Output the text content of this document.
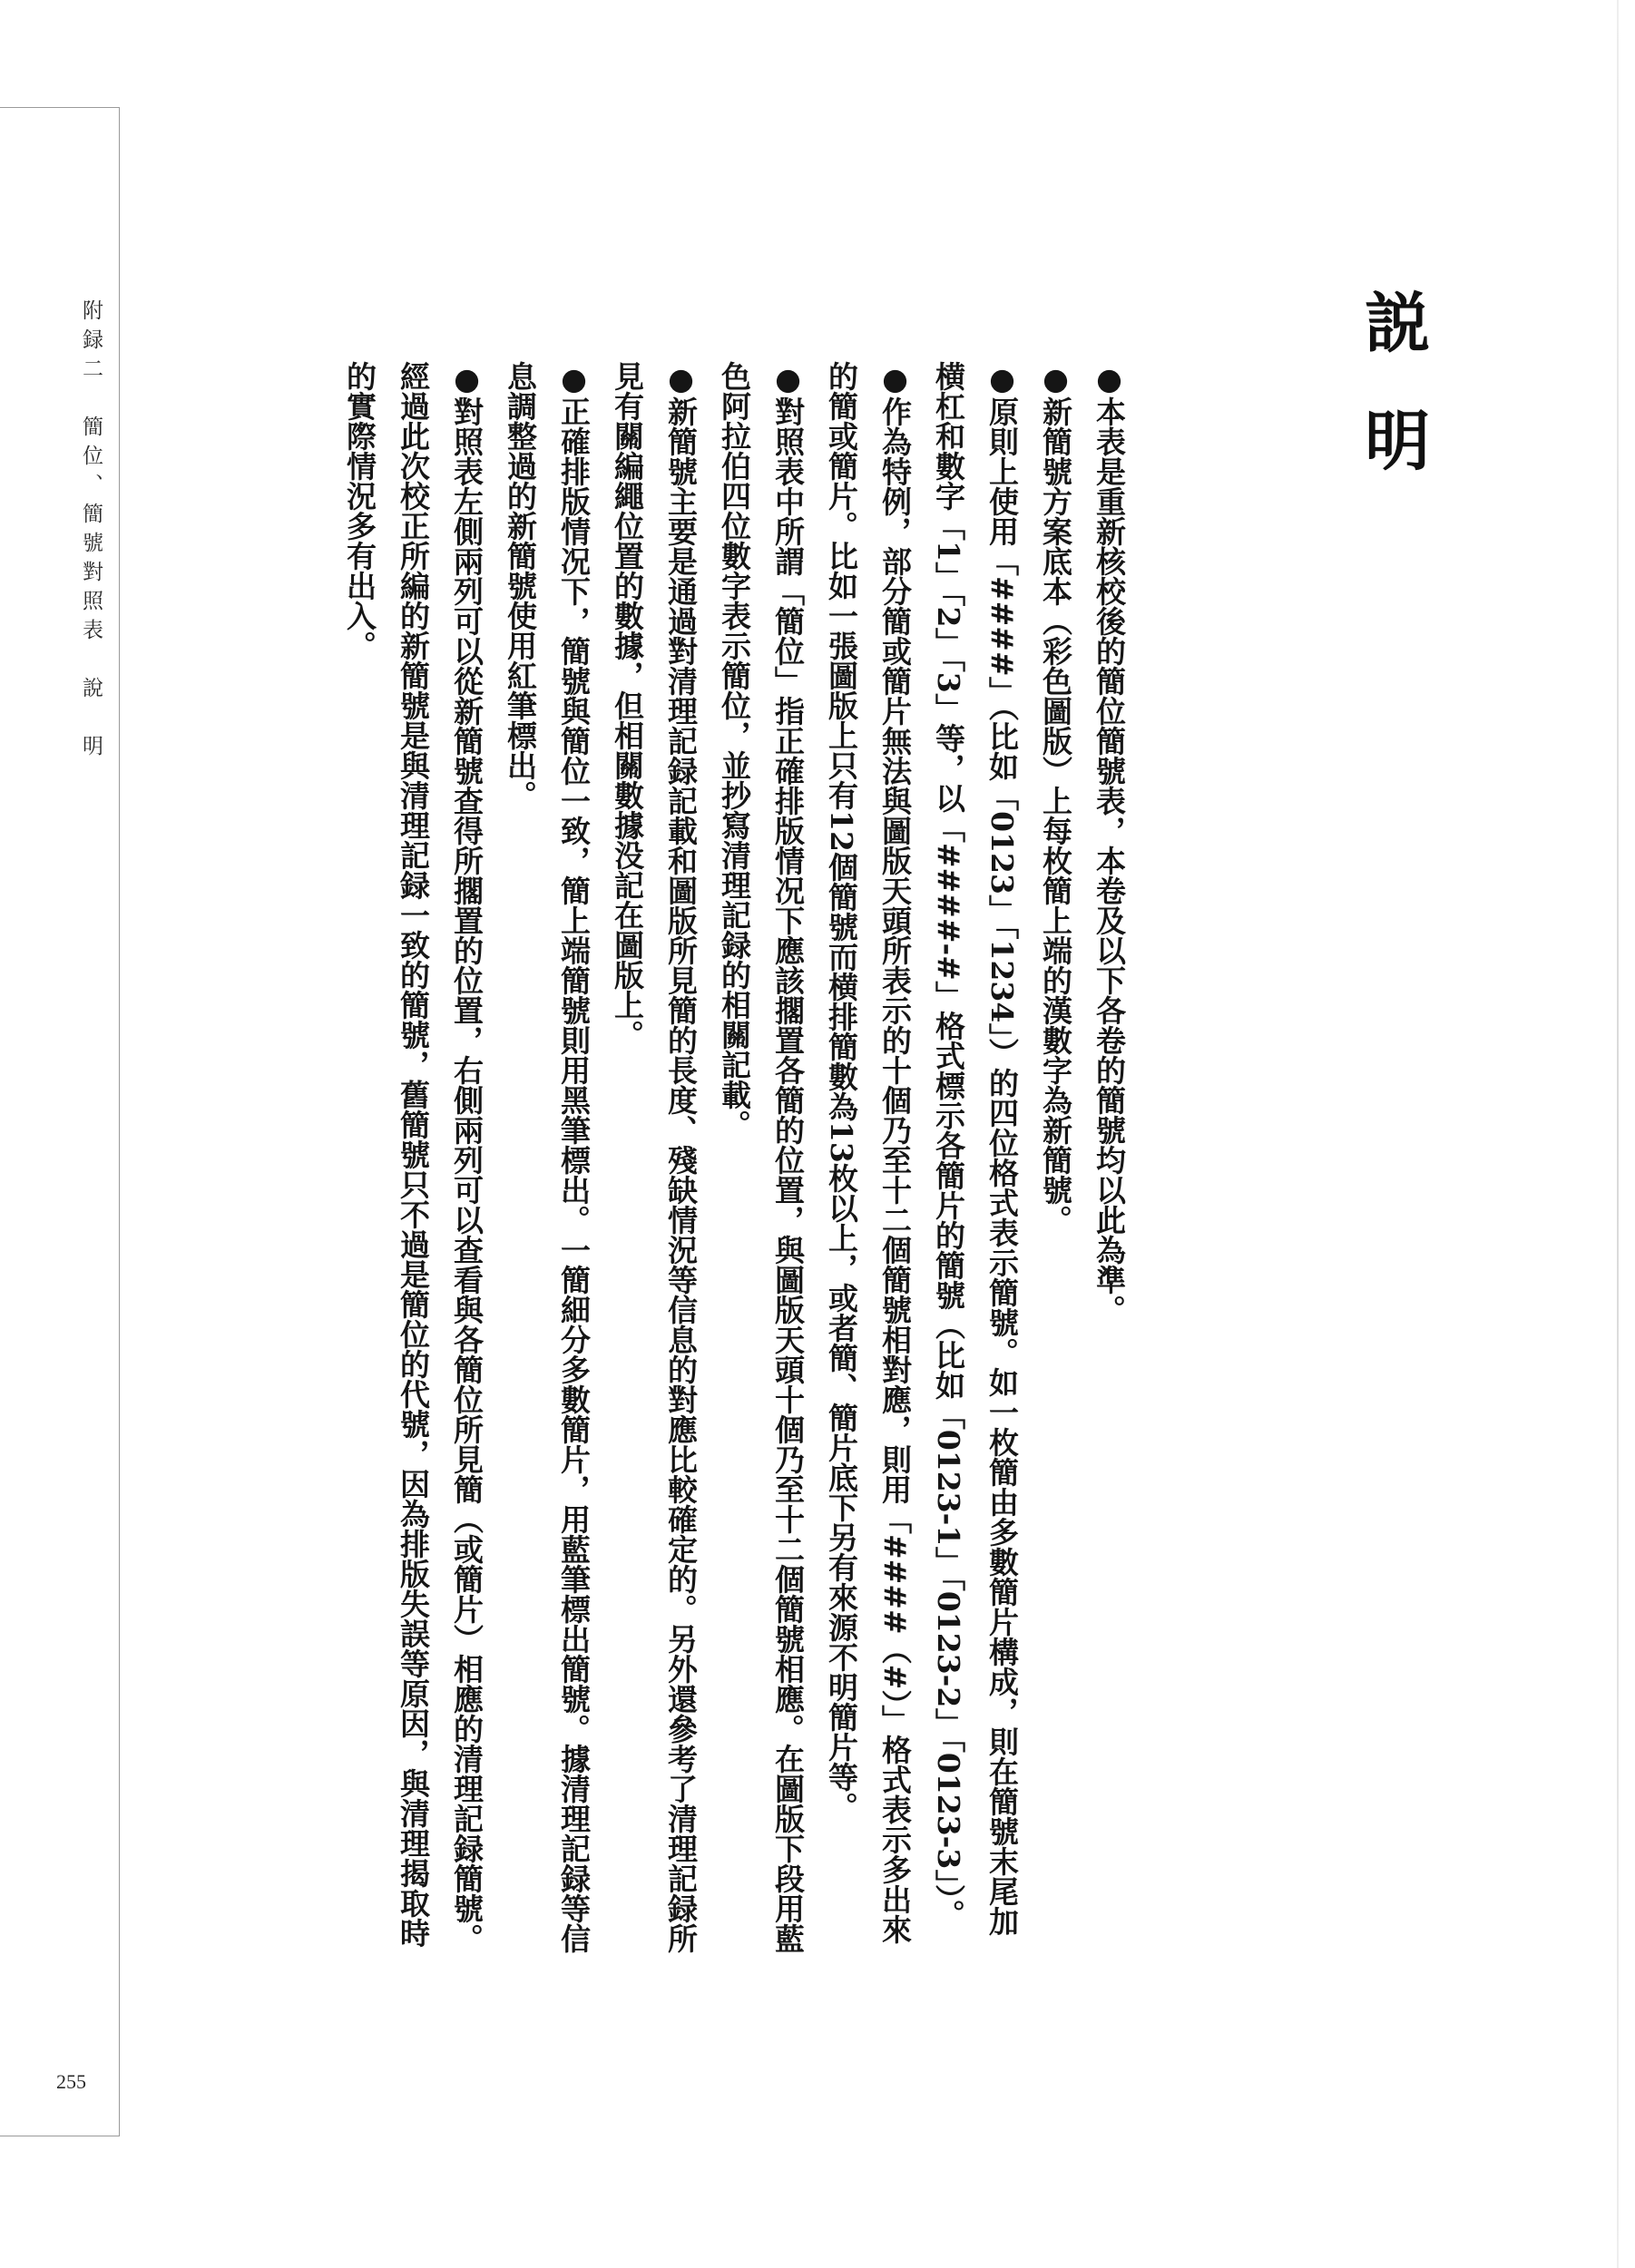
附録二　簡位、簡號對照表　說　明
255
説明

●本表是重新核校後的簡位簡號表，本卷及以下各卷的簡號均以此為準。

●新簡號方案底本（彩色圖版）上每枚簡上端的漢數字為新簡號。

●原則上使用「####」（比如「0123」「1234」）的四位格式表示簡號。如一枚簡由多數簡片構成，則在簡號末尾加横杠和數字「1」「2」「3」等，以「####-#」格式標示各簡片的簡號（比如「0123-1」「0123-2」「0123-3」）。

●作為特例，部分簡或簡片無法與圖版天頭所表示的十個乃至十二個簡號相對應，則用「####（#）」格式表示多出來的簡或簡片。比如一張圖版上只有12個簡號而横排簡數為13枚以上，或者簡、簡片底下另有來源不明簡片等。

●對照表中所謂「簡位」指正確排版情况下應該擱置各簡的位置，與圖版天頭十個乃至十二個簡號相應。在圖版下段用藍色阿拉伯四位數字表示簡位，並抄寫清理記録的相關記載。

●新簡號主要是通過對清理記録記載和圖版所見簡的長度、殘缺情況等信息的對應比較確定的。另外還參考了清理記録所見有關編繩位置的數據，但相關數據没記在圖版上。

●正確排版情况下，簡號與簡位一致，簡上端簡號則用黑筆標出。一簡細分多數簡片，用藍筆標出簡號。據清理記録等信息調整過的新簡號使用紅筆標出。

●對照表左側兩列可以從新簡號查得所擱置的位置，右側兩列可以查看與各簡位所見簡（或簡片）相應的清理記録簡號。經過此次校正所編的新簡號是與清理記録一致的簡號，舊簡號只不過是簡位的代號，因為排版失誤等原因，與清理揭取時的實際情況多有出入。
